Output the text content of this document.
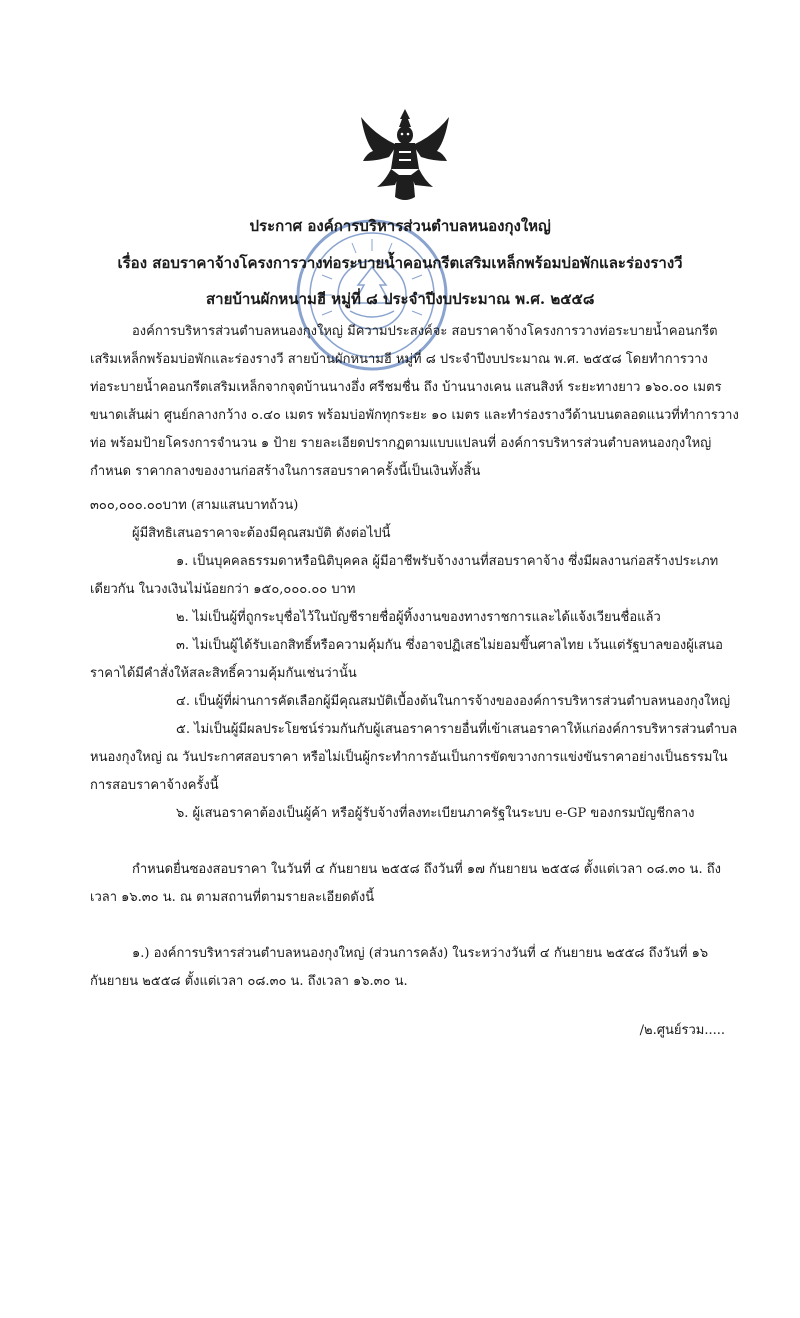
ประกาศ องค์การบริหารส่วนตำบลหนองกุงใหญ่
เรื่อง สอบราคาจ้างโครงการวางท่อระบายน้ำคอนกรีตเสริมเหล็กพร้อมบ่อพักและร่องรางวี
สายบ้านผักหนามฮี หมู่ที่ ๘ ประจำปีงบประมาณ พ.ศ. ๒๕๕๘
องค์การบริหารส่วนตำบลหนองกุงใหญ่ มีความประสงค์จะ สอบราคาจ้างโครงการวางท่อระบายน้ำคอนกรีต
เสริมเหล็กพร้อมบ่อพักและร่องรางวี สายบ้านผักหนามฮี หมู่ที่ ๘ ประจำปีงบประมาณ พ.ศ. ๒๕๕๘ โดยทำการวาง
ท่อระบายน้ำคอนกรีตเสริมเหล็กจากจุดบ้านนางอึ่ง ศรีชมชื่น ถึง บ้านนางเคน แสนสิงห์ ระยะทางยาว ๑๖๐.๐๐ เมตร
ขนาดเส้นผ่า ศูนย์กลางกว้าง ๐.๔๐ เมตร พร้อมบ่อพักทุกระยะ ๑๐ เมตร และทำร่องรางวีด้านบนตลอดแนวที่ทำการวาง
ท่อ พร้อมป้ายโครงการจำนวน ๑ ป้าย รายละเอียดปรากฏตามแบบแปลนที่ องค์การบริหารส่วนตำบลหนองกุงใหญ่
กำหนด ราคากลางของงานก่อสร้างในการสอบราคาครั้งนี้เป็นเงินทั้งสิ้น
๓๐๐,๐๐๐.๐๐บาท (สามแสนบาทถ้วน)
ผู้มีสิทธิเสนอราคาจะต้องมีคุณสมบัติ ดังต่อไปนี้
๑. เป็นบุคคลธรรมดาหรือนิติบุคคล ผู้มีอาชีพรับจ้างงานที่สอบราคาจ้าง ซึ่งมีผลงานก่อสร้างประเภท
เดียวกัน ในวงเงินไม่น้อยกว่า ๑๕๐,๐๐๐.๐๐ บาท
๒. ไม่เป็นผู้ที่ถูกระบุชื่อไว้ในบัญชีรายชื่อผู้ทิ้งงานของทางราชการและได้แจ้งเวียนชื่อแล้ว
๓. ไม่เป็นผู้ได้รับเอกสิทธิ์หรือความคุ้มกัน ซึ่งอาจปฏิเสธไม่ยอมขึ้นศาลไทย เว้นแต่รัฐบาลของผู้เสนอ
ราคาได้มีคำสั่งให้สละสิทธิ์ความคุ้มกันเช่นว่านั้น
๔. เป็นผู้ที่ผ่านการคัดเลือกผู้มีคุณสมบัติเบื้องต้นในการจ้างขององค์การบริหารส่วนตำบลหนองกุงใหญ่
๕. ไม่เป็นผู้มีผลประโยชน์ร่วมกันกับผู้เสนอราคารายอื่นที่เข้าเสนอราคาให้แก่องค์การบริหารส่วนตำบล
หนองกุงใหญ่ ณ วันประกาศสอบราคา หรือไม่เป็นผู้กระทำการอันเป็นการขัดขวางการแข่งขันราคาอย่างเป็นธรรมใน
การสอบราคาจ้างครั้งนี้
๖. ผู้เสนอราคาต้องเป็นผู้ค้า หรือผู้รับจ้างที่ลงทะเบียนภาครัฐในระบบ e-GP ของกรมบัญชีกลาง
กำหนดยื่นซองสอบราคา ในวันที่ ๔ กันยายน ๒๕๕๘ ถึงวันที่ ๑๗ กันยายน ๒๕๕๘ ตั้งแต่เวลา ๐๘.๓๐ น. ถึง
เวลา ๑๖.๓๐ น. ณ ตามสถานที่ตามรายละเอียดดังนี้
๑.) องค์การบริหารส่วนตำบลหนองกุงใหญ่ (ส่วนการคลัง) ในระหว่างวันที่ ๔ กันยายน ๒๕๕๘ ถึงวันที่ ๑๖
กันยายน ๒๕๕๘ ตั้งแต่เวลา ๐๘.๓๐ น. ถึงเวลา ๑๖.๓๐ น.
/๒.ศูนย์รวม.....
